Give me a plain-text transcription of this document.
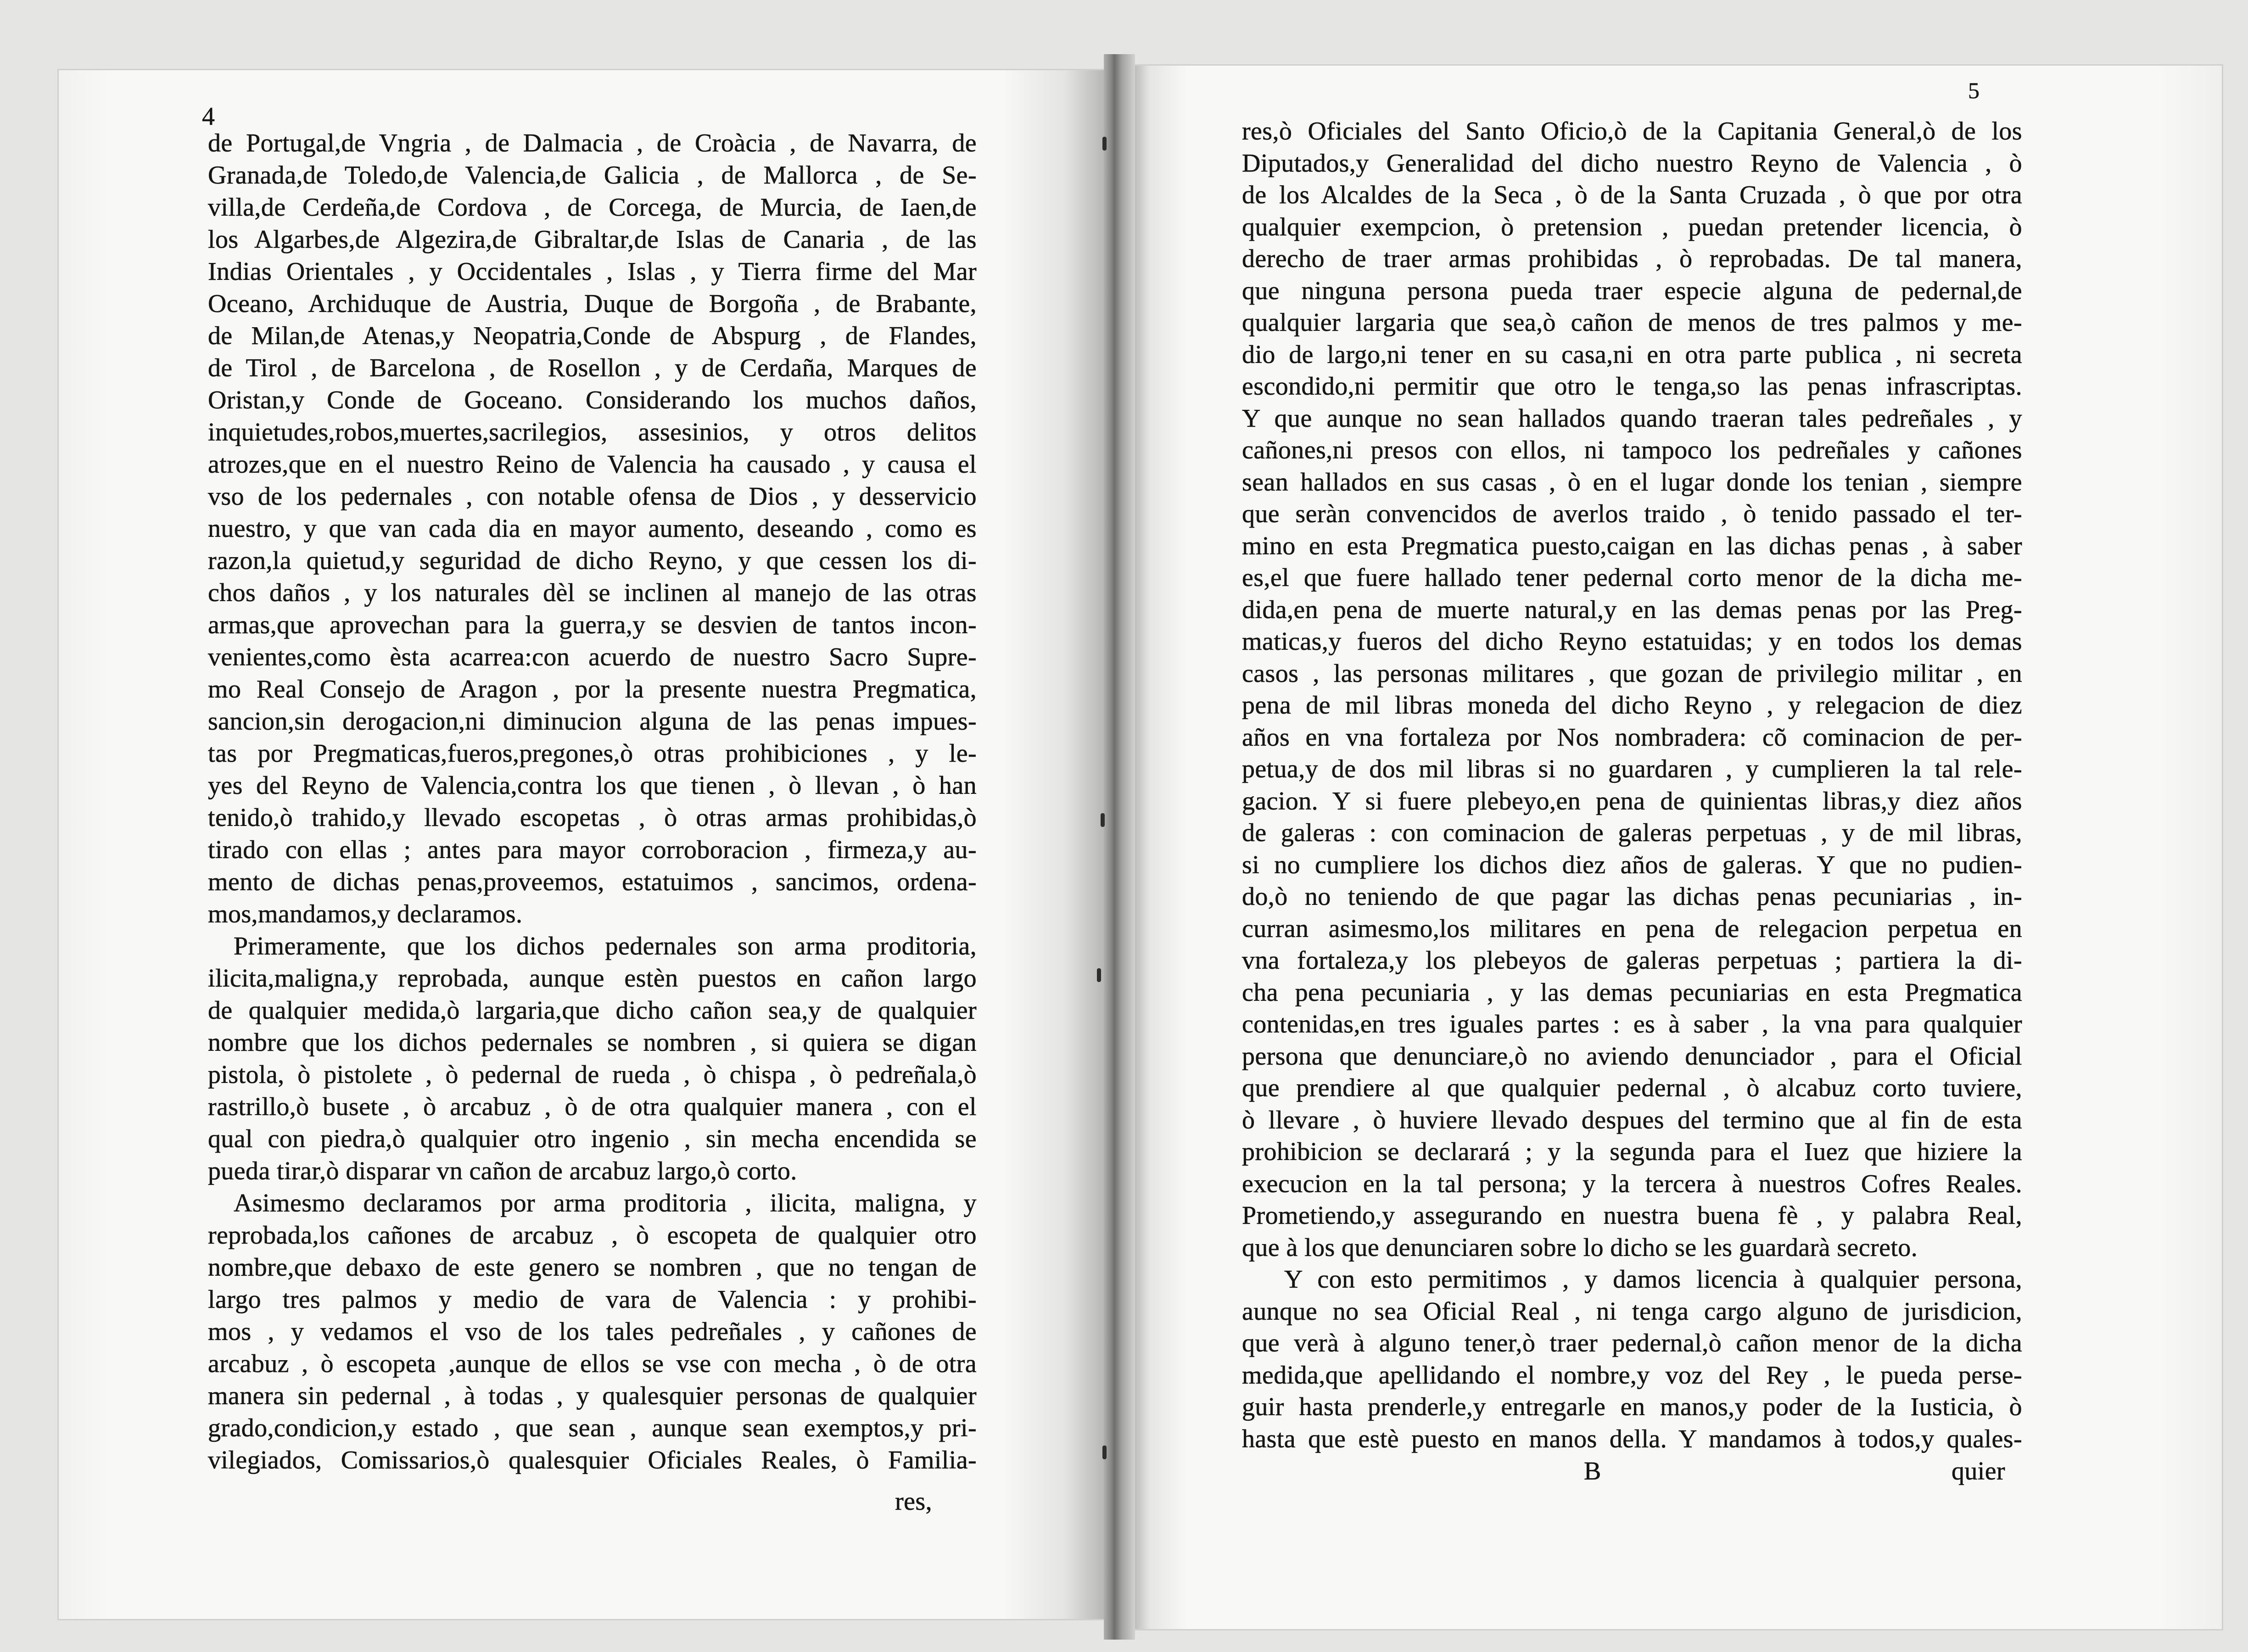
4
de Portugal,de Vngria , de Dalmacia , de Croàcia , de Navarra, de
Granada,de Toledo,de Valencia,de Galicia , de Mallorca , de Se-
villa,de Cerdeña,de Cordova , de Corcega, de Murcia, de Iaen,de
los Algarbes,de Algezira,de Gibraltar,de Islas de Canaria , de las
Indias Orientales , y Occidentales , Islas , y Tierra firme del Mar
Oceano, Archiduque de Austria, Duque de Borgoña , de Brabante,
de Milan,de Atenas,y Neopatria,Conde de Abspurg , de Flandes,
de Tirol , de Barcelona , de Rosellon , y de Cerdaña, Marques de
Oristan,y Conde de Goceano. Considerando los muchos daños,
inquietudes,robos,muertes,sacrilegios, assesinios, y otros delitos
atrozes,que en el nuestro Reino de Valencia ha causado , y causa el
vso de los pedernales , con notable ofensa de Dios , y desservicio
nuestro, y que van cada dia en mayor aumento, deseando , como es
razon,la quietud,y seguridad de dicho Reyno, y que cessen los di-
chos daños , y los naturales dèl se inclinen al manejo de las otras
armas,que aprovechan para la guerra,y se desvien de tantos incon-
venientes,como èsta acarrea:con acuerdo de nuestro Sacro Supre-
mo Real Consejo de Aragon , por la presente nuestra Pregmatica,
sancion,sin derogacion,ni diminucion alguna de las penas impues-
tas por Pregmaticas,fueros,pregones,ò otras prohibiciones , y le-
yes del Reyno de Valencia,contra los que tienen , ò llevan , ò han
tenido,ò trahido,y llevado escopetas , ò otras armas prohibidas,ò
tirado con ellas ; antes para mayor corroboracion , firmeza,y au-
mento de dichas penas,proveemos, estatuimos , sancimos, ordena-
mos,mandamos,y declaramos.
Primeramente, que los dichos pedernales son arma proditoria,
ilicita,maligna,y reprobada, aunque estèn puestos en cañon largo
de qualquier medida,ò largaria,que dicho cañon sea,y de qualquier
nombre que los dichos pedernales se nombren , si quiera se digan
pistola, ò pistolete , ò pedernal de rueda , ò chispa , ò pedreñala,ò
rastrillo,ò busete , ò arcabuz , ò de otra qualquier manera , con el
qual con piedra,ò qualquier otro ingenio , sin mecha encendida se
pueda tirar,ò disparar vn cañon de arcabuz largo,ò corto.
Asimesmo declaramos por arma proditoria , ilicita, maligna, y
reprobada,los cañones de arcabuz , ò escopeta de qualquier otro
nombre,que debaxo de este genero se nombren , que no tengan de
largo tres palmos y medio de vara de Valencia : y prohibi-
mos , y vedamos el vso de los tales pedreñales , y cañones de
arcabuz , ò escopeta ,aunque de ellos se vse con mecha , ò de otra
manera sin pedernal , à todas , y qualesquier personas de qualquier
grado,condicion,y estado , que sean , aunque sean exemptos,y pri-
vilegiados, Comissarios,ò qualesquier Oficiales Reales, ò Familia-
res,
5
res,ò Oficiales del Santo Oficio,ò de la Capitania General,ò de los
Diputados,y Generalidad del dicho nuestro Reyno de Valencia , ò
de los Alcaldes de la Seca , ò de la Santa Cruzada , ò que por otra
qualquier exempcion, ò pretension , puedan pretender licencia, ò
derecho de traer armas prohibidas , ò reprobadas. De tal manera,
que ninguna persona pueda traer especie alguna de pedernal,de
qualquier largaria que sea,ò cañon de menos de tres palmos y me-
dio de largo,ni tener en su casa,ni en otra parte publica , ni secreta
escondido,ni permitir que otro le tenga,so las penas infrascriptas.
Y que aunque no sean hallados quando traeran tales pedreñales , y
cañones,ni presos con ellos, ni tampoco los pedreñales y cañones
sean hallados en sus casas , ò en el lugar donde los tenian , siempre
que seràn convencidos de averlos traido , ò tenido passado el ter-
mino en esta Pregmatica puesto,caigan en las dichas penas , à saber
es,el que fuere hallado tener pedernal corto menor de la dicha me-
dida,en pena de muerte natural,y en las demas penas por las Preg-
maticas,y fueros del dicho Reyno estatuidas; y en todos los demas
casos , las personas militares , que gozan de privilegio militar , en
pena de mil libras moneda del dicho Reyno , y relegacion de diez
años en vna fortaleza por Nos nombradera: cõ cominacion de per-
petua,y de dos mil libras si no guardaren , y cumplieren la tal rele-
gacion. Y si fuere plebeyo,en pena de quinientas libras,y diez años
de galeras : con cominacion de galeras perpetuas , y de mil libras,
si no cumpliere los dichos diez años de galeras. Y que no pudien-
do,ò no teniendo de que pagar las dichas penas pecuniarias , in-
curran asimesmo,los militares en pena de relegacion perpetua en
vna fortaleza,y los plebeyos de galeras perpetuas ; partiera la di-
cha pena pecuniaria , y las demas pecuniarias en esta Pregmatica
contenidas,en tres iguales partes : es à saber , la vna para qualquier
persona que denunciare,ò no aviendo denunciador , para el Oficial
que prendiere al que qualquier pedernal , ò alcabuz corto tuviere,
ò llevare , ò huviere llevado despues del termino que al fin de esta
prohibicion se declarará ; y la segunda para el Iuez que hiziere la
execucion en la tal persona; y la tercera à nuestros Cofres Reales.
Prometiendo,y assegurando en nuestra buena fè , y palabra Real,
que à los que denunciaren sobre lo dicho se les guardarà secreto.
Y con esto permitimos , y damos licencia à qualquier persona,
aunque no sea Oficial Real , ni tenga cargo alguno de jurisdicion,
que verà à alguno tener,ò traer pedernal,ò cañon menor de la dicha
medida,que apellidando el nombre,y voz del Rey , le pueda perse-
guir hasta prenderle,y entregarle en manos,y poder de la Iusticia, ò
hasta que estè puesto en manos della. Y mandamos à todos,y quales-
B	quier
